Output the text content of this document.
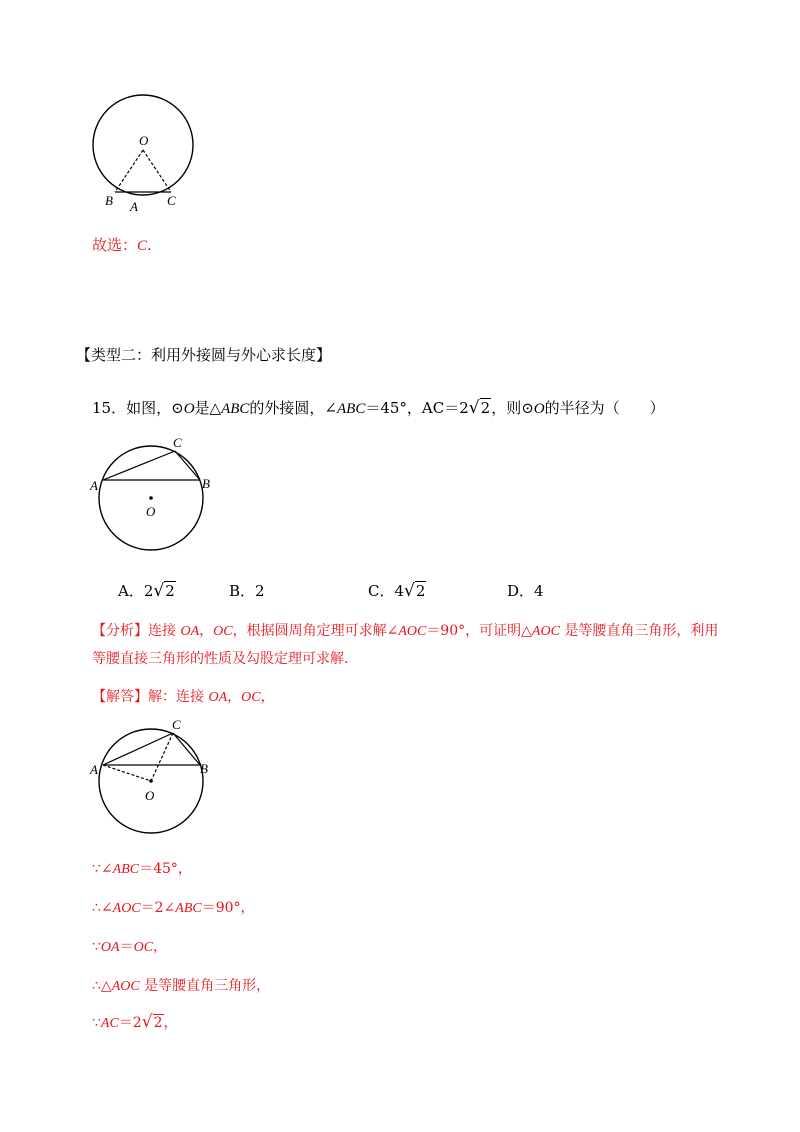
O
B A C
故选：C.
【类型二：利用外接圆与外心求长度】
15．如图，⊙O是△ABC的外接圆，∠ABC＝45°，AC＝2√2，则⊙O的半径为（　　）
A	B
C
O
A．2√2	B．2	C．4√2	D．4
【分析】连接 OA，OC，根据圆周角定理可求解∠AOC＝90°，可证明△AOC 是等腰直角三角形，利用
等腰直接三角形的性质及勾股定理可求解.
【解答】解：连接 OA，OC，
A	B
C
O
∵∠ABC＝45°，
∴∠AOC＝2∠ABC＝90°，
∵OA＝OC，
∴△AOC 是等腰直角三角形，
∵AC＝2√2，
